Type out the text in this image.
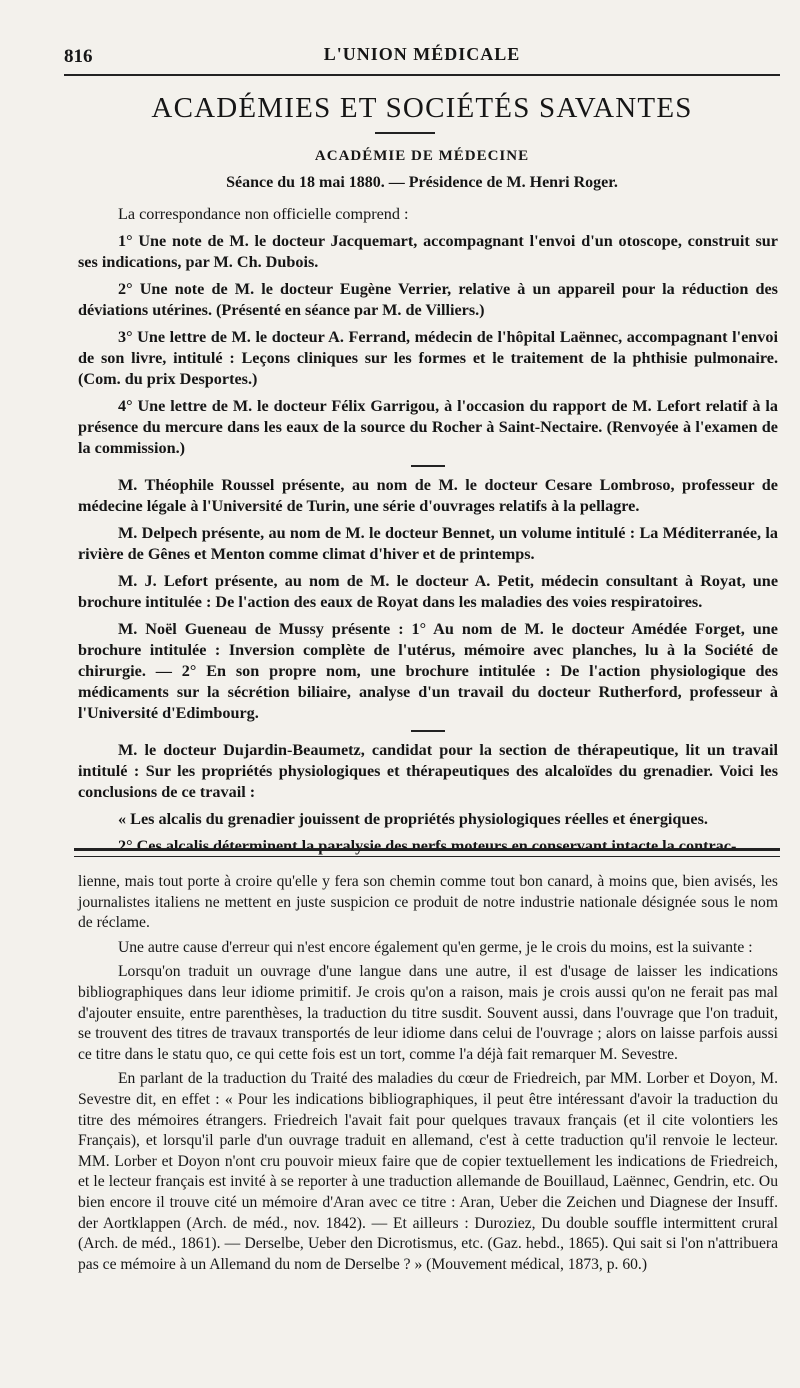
816	L'UNION MÉDICALE
ACADÉMIES ET SOCIÉTÉS SAVANTES
ACADÉMIE DE MÉDECINE
Séance du 18 mai 1880. — Présidence de M. Henri Roger.

La correspondance non officielle comprend :

1° Une note de M. le docteur Jacquemart, accompagnant l'envoi d'un otoscope, construit sur ses indications, par M. Ch. Dubois.

2° Une note de M. le docteur Eugène Verrier, relative à un appareil pour la réduction des déviations utérines. (Présenté en séance par M. de Villiers.)

3° Une lettre de M. le docteur A. Ferrand, médecin de l'hôpital Laënnec, accompagnant l'envoi de son livre, intitulé : Leçons cliniques sur les formes et le traitement de la phthisie pulmonaire. (Com. du prix Desportes.)

4° Une lettre de M. le docteur Félix Garrigou, à l'occasion du rapport de M. Lefort relatif à la présence du mercure dans les eaux de la source du Rocher à Saint-Nectaire. (Renvoyée à l'examen de la commission.)

M. Théophile Roussel présente, au nom de M. le docteur Cesare Lombroso, professeur de médecine légale à l'Université de Turin, une série d'ouvrages relatifs à la pellagre.

M. Delpech présente, au nom de M. le docteur Bennet, un volume intitulé : La Méditerranée, la rivière de Gênes et Menton comme climat d'hiver et de printemps.

M. J. Lefort présente, au nom de M. le docteur A. Petit, médecin consultant à Royat, une brochure intitulée : De l'action des eaux de Royat dans les maladies des voies respiratoires.

M. Noël Gueneau de Mussy présente : 1° Au nom de M. le docteur Amédée Forget, une brochure intitulée : Inversion complète de l'utérus, mémoire avec planches, lu à la Société de chirurgie. — 2° En son propre nom, une brochure intitulée : De l'action physiologique des médicaments sur la sécrétion biliaire, analyse d'un travail du docteur Rutherford, professeur à l'Université d'Edimbourg.

M. le docteur Dujardin-Beaumetz, candidat pour la section de thérapeutique, lit un travail intitulé : Sur les propriétés physiologiques et thérapeutiques des alcaloïdes du grenadier. Voici les conclusions de ce travail :

« Les alcalis du grenadier jouissent de propriétés physiologiques réelles et énergiques.

2° Ces alcalis déterminent la paralysie des nerfs moteurs en conservant intacte la contrac-

lienne, mais tout porte à croire qu'elle y fera son chemin comme tout bon canard, à moins que, bien avisés, les journalistes italiens ne mettent en juste suspicion ce produit de notre industrie nationale désignée sous le nom de réclame.

Une autre cause d'erreur qui n'est encore également qu'en germe, je le crois du moins, est la suivante :

Lorsqu'on traduit un ouvrage d'une langue dans une autre, il est d'usage de laisser les indications bibliographiques dans leur idiome primitif. Je crois qu'on a raison, mais je crois aussi qu'on ne ferait pas mal d'ajouter ensuite, entre parenthèses, la traduction du titre susdit. Souvent aussi, dans l'ouvrage que l'on traduit, se trouvent des titres de travaux transportés de leur idiome dans celui de l'ouvrage ; alors on laisse parfois aussi ce titre dans le statu quo, ce qui cette fois est un tort, comme l'a déjà fait remarquer M. Sevestre.

En parlant de la traduction du Traité des maladies du cœur de Friedreich, par MM. Lorber et Doyon, M. Sevestre dit, en effet : « Pour les indications bibliographiques, il peut être intéressant d'avoir la traduction du titre des mémoires étrangers. Friedreich l'avait fait pour quelques travaux français (et il cite volontiers les Français), et lorsqu'il parle d'un ouvrage traduit en allemand, c'est à cette traduction qu'il renvoie le lecteur. MM. Lorber et Doyon n'ont cru pouvoir mieux faire que de copier textuellement les indications de Friedreich, et le lecteur français est invité à se reporter à une traduction allemande de Bouillaud, Laënnec, Gendrin, etc. Ou bien encore il trouve cité un mémoire d'Aran avec ce titre : Aran, Ueber die Zeichen und Diagnese der Insuff. der Aortklappen (Arch. de méd., nov. 1842). — Et ailleurs : Duroziez, Du double souffle intermittent crural (Arch. de méd., 1861). — Derselbe, Ueber den Dicrotismus, etc. (Gaz. hebd., 1865). Qui sait si l'on n'attribuera pas ce mémoire à un Allemand du nom de Derselbe ? » (Mouvement médical, 1873, p. 60.)
